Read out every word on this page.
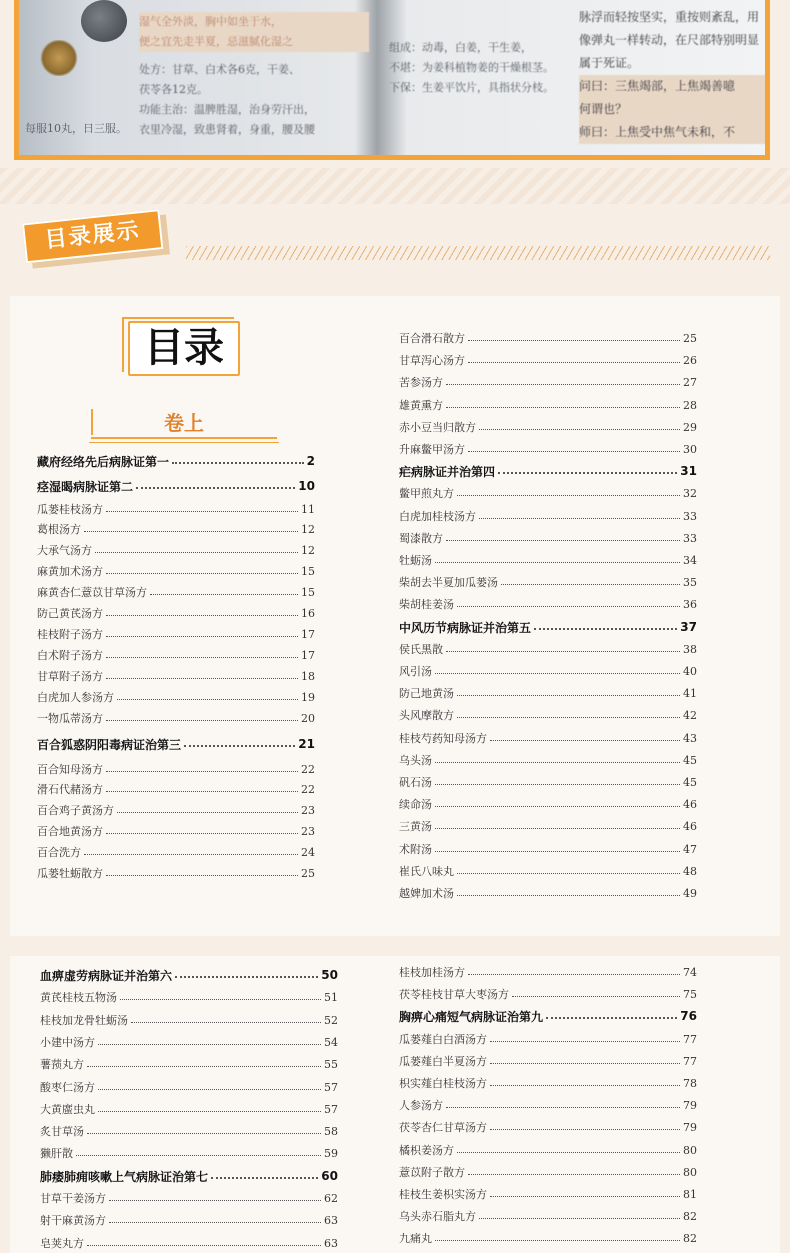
湿气全外淡，胸中如坐于水，

便之宜先走半夏，忌滋腻化湿之

处方：甘草、白术各6克，干姜、

茯苓各12克。

功能主治：温脾胜湿，治身劳汗出，

衣里冷湿，致患肾着，身重，腰及腰

每服10丸，日三服。

组成：动毒，白姜，干生姜，

不堪：为姜科植物姜的干燥根茎。

下保：生姜平饮片，具指状分枝。

脉浮而轻按坚实，重按则紊乱，用

像弹丸一样转动，在尺部特别明显

属于死证。

问曰：三焦竭部，上焦竭善噫

何谓也？

师曰：上焦受中焦气未和，不

目录展示
目录
卷上
藏府经络先后病脉证第一	2
痉湿暍病脉证第二	10
瓜蒌桂枝汤方	11
葛根汤方	12
大承气汤方	12
麻黄加术汤方	15
麻黄杏仁薏苡甘草汤方	15
防己黄芪汤方	16
桂枝附子汤方	17
白术附子汤方	17
甘草附子汤方	18
白虎加人参汤方	19
一物瓜蒂汤方	20
百合狐惑阴阳毒病证治第三	21
百合知母汤方	22
滑石代赭汤方	22
百合鸡子黄汤方	23
百合地黄汤方	23
百合洗方	24
瓜蒌牡蛎散方	25
百合滑石散方	25
甘草泻心汤方	26
苦参汤方	27
雄黄熏方	28
赤小豆当归散方	29
升麻鳖甲汤方	30
疟病脉证并治第四	31
鳖甲煎丸方	32
白虎加桂枝汤方	33
蜀漆散方	33
牡蛎汤	34
柴胡去半夏加瓜蒌汤	35
柴胡桂姜汤	36
中风历节病脉证并治第五	37
侯氏黑散	38
风引汤	40
防己地黄汤	41
头风摩散方	42
桂枝芍药知母汤方	43
乌头汤	45
矾石汤	45
续命汤	46
三黄汤	46
术附汤	47
崔氏八味丸	48
越婢加术汤	49
血痹虚劳病脉证并治第六	50
黄芪桂枝五物汤	51
桂枝加龙骨牡蛎汤	52
小建中汤方	54
薯蓣丸方	55
酸枣仁汤方	57
大黄䗪虫丸	57
炙甘草汤	58
獭肝散	59
肺痿肺痈咳嗽上气病脉证治第七	60
甘草干姜汤方	62
射干麻黄汤方	63
皂荚丸方	63
桂枝加桂汤方	74
茯苓桂枝甘草大枣汤方	75
胸痹心痛短气病脉证治第九	76
瓜蒌薤白白酒汤方	77
瓜蒌薤白半夏汤方	77
枳实薤白桂枝汤方	78
人参汤方	79
茯苓杏仁甘草汤方	79
橘枳姜汤方	80
薏苡附子散方	80
桂枝生姜枳实汤方	81
乌头赤石脂丸方	82
九痛丸	82
